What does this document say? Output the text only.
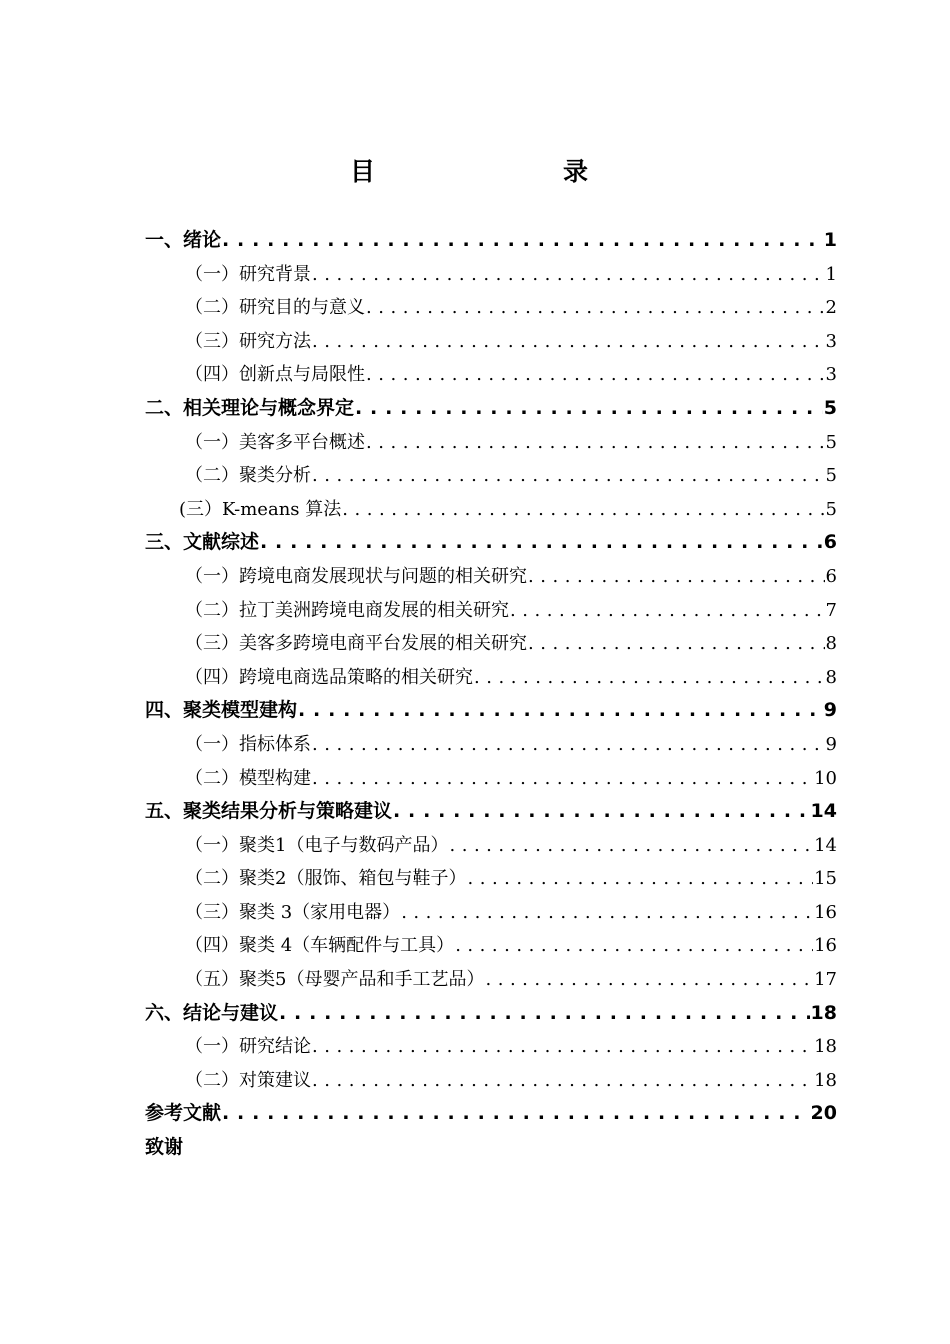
目　　录
一、绪论 . . .	1
（一）研究背景 . . .	1
（二）研究目的与意义 . . .	2
（三）研究方法 . . .	3
（四）创新点与局限性 . . .	3
二、相关理论与概念界定 . . .	5
（一）美客多平台概述 . . .	5
（二）聚类分析 . . .	5
(三）K-means 算法 . . .	5
三、文献综述 . . .	6
（一）跨境电商发展现状与问题的相关研究 . . .	6
（二）拉丁美洲跨境电商发展的相关研究 . . .	7
（三）美客多跨境电商平台发展的相关研究 . . .	8
（四）跨境电商选品策略的相关研究 . . .	8
四、聚类模型建构 . . .	9
（一）指标体系 . . .	9
（二）模型构建 . . .	10
五、聚类结果分析与策略建议 . . .	14
（一）聚类1（电子与数码产品） . . .	14
（二）聚类2（服饰、箱包与鞋子） . . .	15
（三）聚类 3（家用电器） . . .	16
（四）聚类 4（车辆配件与工具） . . .	16
（五）聚类5（母婴产品和手工艺品） . . .	17
六、结论与建议 . . .	18
（一）研究结论 . . .	18
（二）对策建议 . . .	18
参考文献 . . .	20
致谢
